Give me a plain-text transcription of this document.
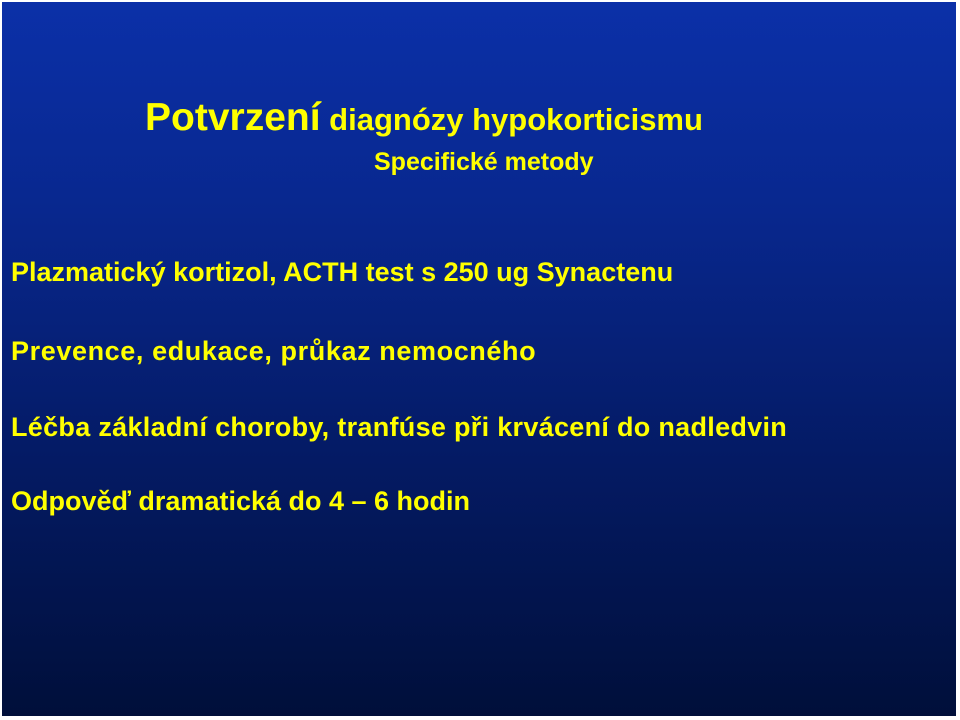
Potvrzení diagnózy hypokorticismu
Specifické metody
Plazmatický kortizol, ACTH test s 250 ug Synactenu
Prevence, edukace, průkaz nemocného
Léčba základní choroby, tranfúse při krvácení do nadledvin
Odpověď dramatická do 4 – 6 hodin
